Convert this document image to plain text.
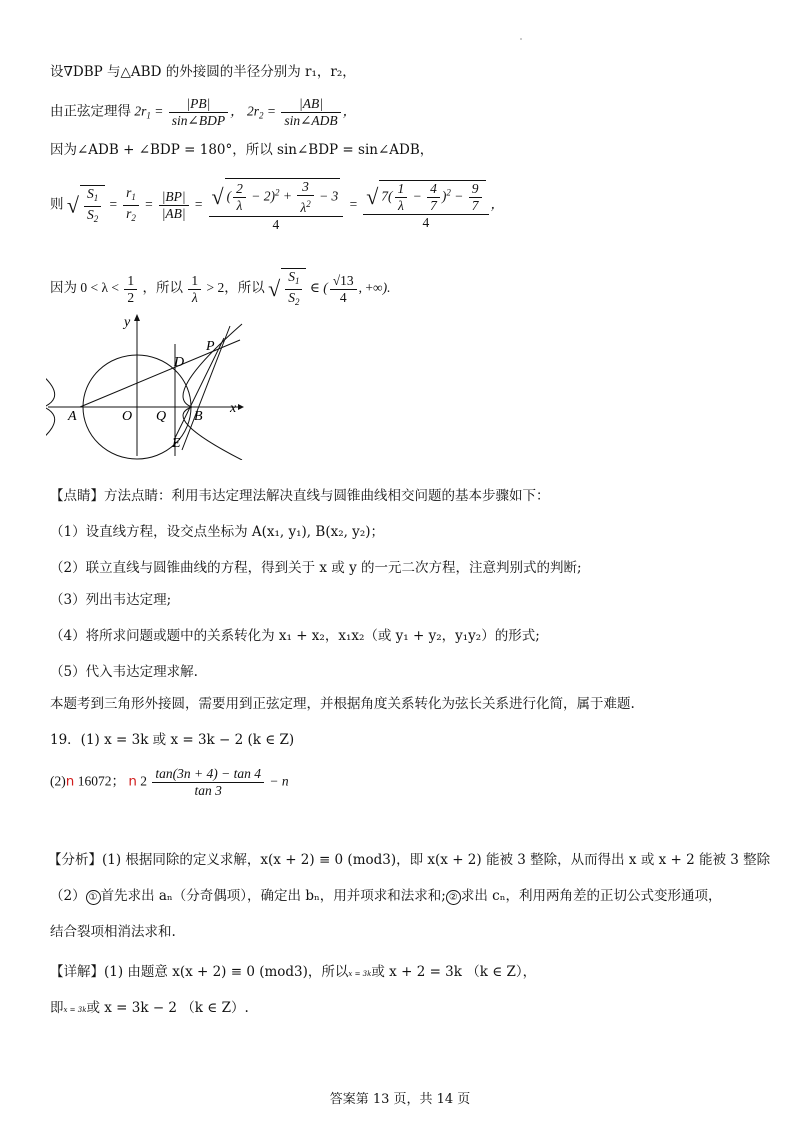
设∇DBP 与△ABD 的外接圆的半径分别为 r₁，r₂，
由正弦定理得 $2r_1 = \frac{|PB|}{\text{sin∠BDP}}$ ， $2r_2 = \frac{|AB|}{\text{sin∠ADB}}$ ，
因为∠ADB + ∠BDP = 180°，所以 sin∠BDP = sin∠ADB，
则 √ $\frac{S_1}{S_2} = \frac{r_1}{r_2} = \frac{|BP|}{|AB|} = \frac{√ ( \frac{2}{\lambda} - 2)^2 + \frac{3}{\lambda^2} - 3}{4} = \frac{√ 7( \frac{1}{\lambda} - \frac{4}{7} )^2 - \frac{9}{7}}{4}$ ，
因为 $0 < \lambda < \frac{1}{2}$ ，所以 $\frac{1}{\lambda} > 2$，所以 √ $\frac{S_1}{S_2}$ ∈ ( $\frac{√13}{4}$ , +∞).
y
x
A	O Q B
D
P
E
【点睛】方法点睛：利用韦达定理法解决直线与圆锥曲线相交问题的基本步骤如下：
（1）设直线方程，设交点坐标为 A(x₁, y₁), B(x₂, y₂)；
（2）联立直线与圆锥曲线的方程，得到关于 x 或 y 的一元二次方程，注意判别式的判断;
（3）列出韦达定理;
（4）将所求问题或题中的关系转化为 x₁ + x₂，x₁x₂（或 y₁ + y₂，y₁y₂）的形式;
（5）代入韦达定理求解.
本题考到三角形外接圆，需要用到正弦定理，并根据角度关系转化为弦长关系进行化简，属于难题.
19．(1) x = 3k 或 x = 3k − 2 (k ∈ Z)
(2)n 16072； n $2 \frac{\tan(3n + 4) - \tan 4}{\tan 3} - n$
【分析】(1) 根据同除的定义求解，x(x + 2) ≡ 0 (mod3)，即 x(x + 2) 能被 3 整除，从而得出 x 或 x + 2 能被 3 整除
（2） ① 首先求出 aₙ（分奇偶项），确定出 bₙ，用并项求和法求和; ② 求出 cₙ，利用两角差的正切公式变形通项，
结合裂项相消法求和.
【详解】(1) 由题意 x(x + 2) ≡ 0 (mod3)，所以x = 3k或 x + 2 = 3k （k ∈ Z），
即x = 3k或 x = 3k − 2 （k ∈ Z）.
答案第 13 页，共 14 页
